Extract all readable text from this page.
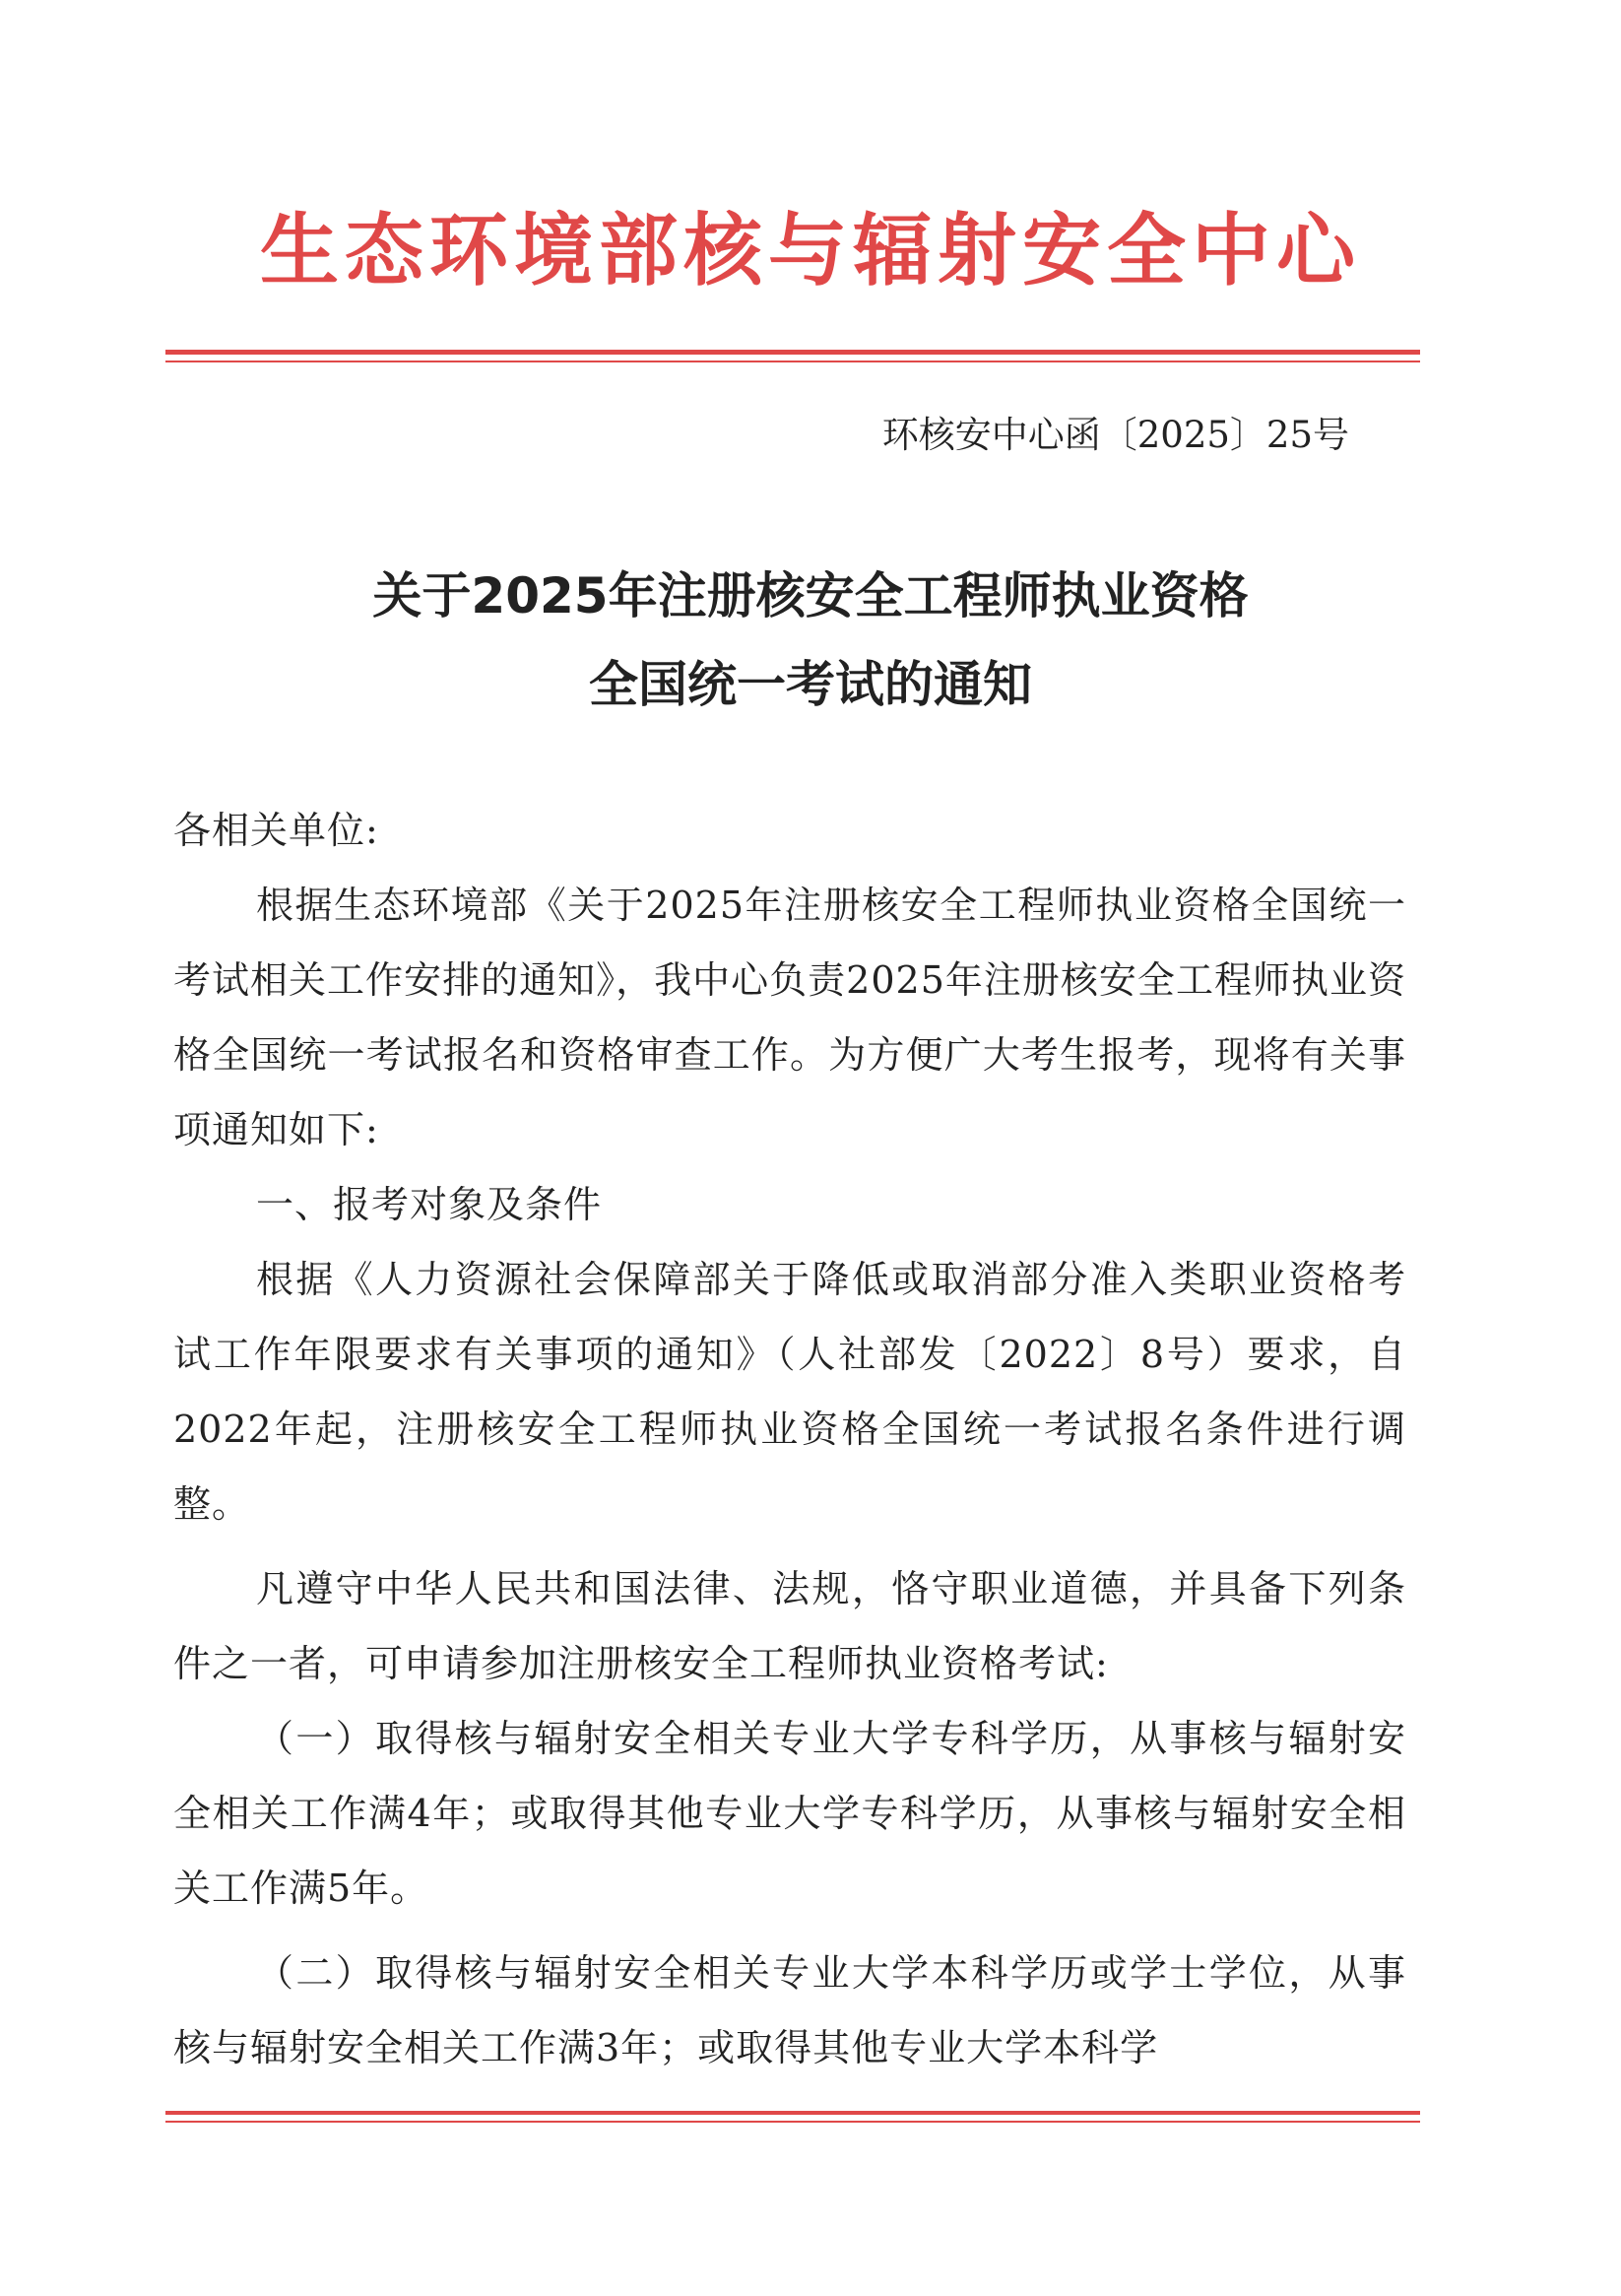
生态环境部核与辐射安全中心
环核安中心函〔2025〕25号
关于2025年注册核安全工程师执业资格
全国统一考试的通知

各相关单位:

根据生态环境部《关于2025年注册核安全工程师执业资格全国统一考试相关工作安排的通知》，我中心负责2025年注册核安全工程师执业资格全国统一考试报名和资格审查工作。为方便广大考生报考，现将有关事项通知如下:

一、报考对象及条件

根据《人力资源社会保障部关于降低或取消部分准入类职业资格考试工作年限要求有关事项的通知》（人社部发〔2022〕8号）要求，自2022年起，注册核安全工程师执业资格全国统一考试报名条件进行调整。

凡遵守中华人民共和国法律、法规，恪守职业道德，并具备下列条件之一者，可申请参加注册核安全工程师执业资格考试:

（一）取得核与辐射安全相关专业大学专科学历，从事核与辐射安全相关工作满4年；或取得其他专业大学专科学历，从事核与辐射安全相关工作满5年。

（二）取得核与辐射安全相关专业大学本科学历或学士学位，从事核与辐射安全相关工作满3年；或取得其他专业大学本科学
